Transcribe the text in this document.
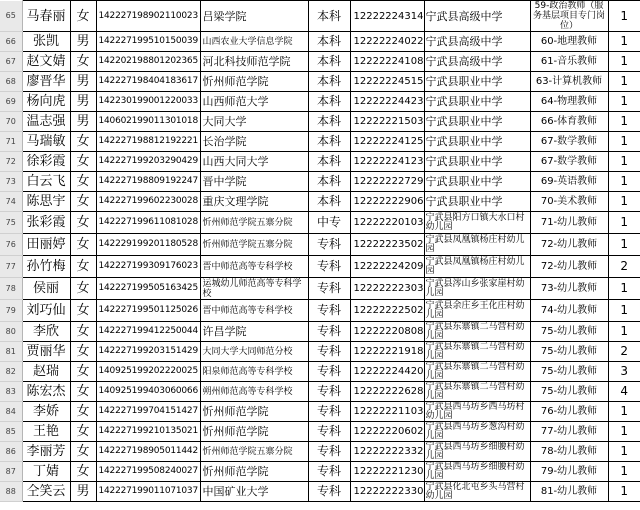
65	马春丽	女	142227198902110023	吕梁学院	本科	12222224314	宁武县高级中学	59-政治教师（服务基层项目专门岗位）	1
66	张凯	男	142227199510150039	山西农业大学信息学院	本科	12222224022	宁武县高级中学	60-地理教师	1
67	赵文婧	女	142202198801202365	河北科技师范学院	本科	12222224108	宁武县高级中学	61-音乐教师	1
68	廖晋华	男	142227198404183617	忻州师范学院	本科	12222224515	宁武县职业中学	63-计算机教师	1
69	杨向虎	男	142230199001220033	山西师范大学	本科	12222224423	宁武县职业中学	64-物理教师	1
70	温志强	男	140602199011301018	大同大学	本科	12222221503	宁武县职业中学	66-体育教师	1
71	马瑞敏	女	142227198812192221	长治学院	本科	12222224125	宁武县职业中学	67-数学教师	1
72	徐彩霞	女	142227199203290429	山西大同大学	本科	12222224123	宁武县职业中学	67-数学教师	1
73	白云飞	女	142227198809192247	晋中学院	本科	12222222729	宁武县职业中学	69-英语教师	1
74	陈思宇	女	142227199602230028	重庆文理学院	本科	12222222906	宁武县职业中学	70-美术教师	1
75	张彩霞	女	142227199611081028	忻州师范学院五寨分院	中专	12222220103	宁武县阳方口镇大水口村幼儿园	71-幼儿教师	1
76	田丽婷	女	142229199201180528	忻州师范学院五寨分院	专科	12222223502	宁武县凤凰镇杨庄村幼儿园	72-幼儿教师	1
77	孙竹梅	女	142227199309176023	晋中师范高等专科学校	专科	12222224209	宁武县凤凰镇杨庄村幼儿园	72-幼儿教师	2
78	侯丽	女	142227199505163425	运城幼儿师范高等专科学校	专科	12222222303	宁武县涔山乡张家崖村幼儿园	73-幼儿教师	1
79	刘巧仙	女	142227199501125026	晋中师范高等专科学校	专科	12222222502	宁武县余庄乡王化庄村幼儿园	74-幼儿教师	1
80	李欣	女	142227199412250044	许昌学院	专科	12222220808	宁武县东寨镇二马营村幼儿园	75-幼儿教师	1
81	贾丽华	女	142227199203151429	大同大学大同师范分校	专科	12222221918	宁武县东寨镇二马营村幼儿园	75-幼儿教师	2
82	赵瑞	女	140925199202220025	阳泉师范高等专科学校	专科	12222224420	宁武县东寨镇二马营村幼儿园	75-幼儿教师	3
83	陈宏杰	女	140925199403060066	朔州师范高等专科学校	专科	12222222628	宁武县东寨镇二马营村幼儿园	75-幼儿教师	4
84	李娇	女	142227199704151427	忻州师范学院	专科	12222221103	宁武县西马坊乡西马坊村幼儿园	76-幼儿教师	1
85	王艳	女	142227199210135021	忻州师范学院	专科	12222220602	宁武县西马坊乡葱沟村幼儿园	77-幼儿教师	1
86	李丽芳	女	142227198905011442	忻州师范学院五寨分院	专科	12222222332	宁武县西马坊乡细腰村幼儿园	78-幼儿教师	1
87	丁婧	女	142227199508240027	忻州师范学院	专科	12222221230	宁武县西马坊乡细腰村幼儿园	79-幼儿教师	1
88	仝笑云	男	142227199011071037	中国矿业大学	专科	12222222330	宁武县化北屯乡头马营村幼儿园	81-幼儿教师	1
